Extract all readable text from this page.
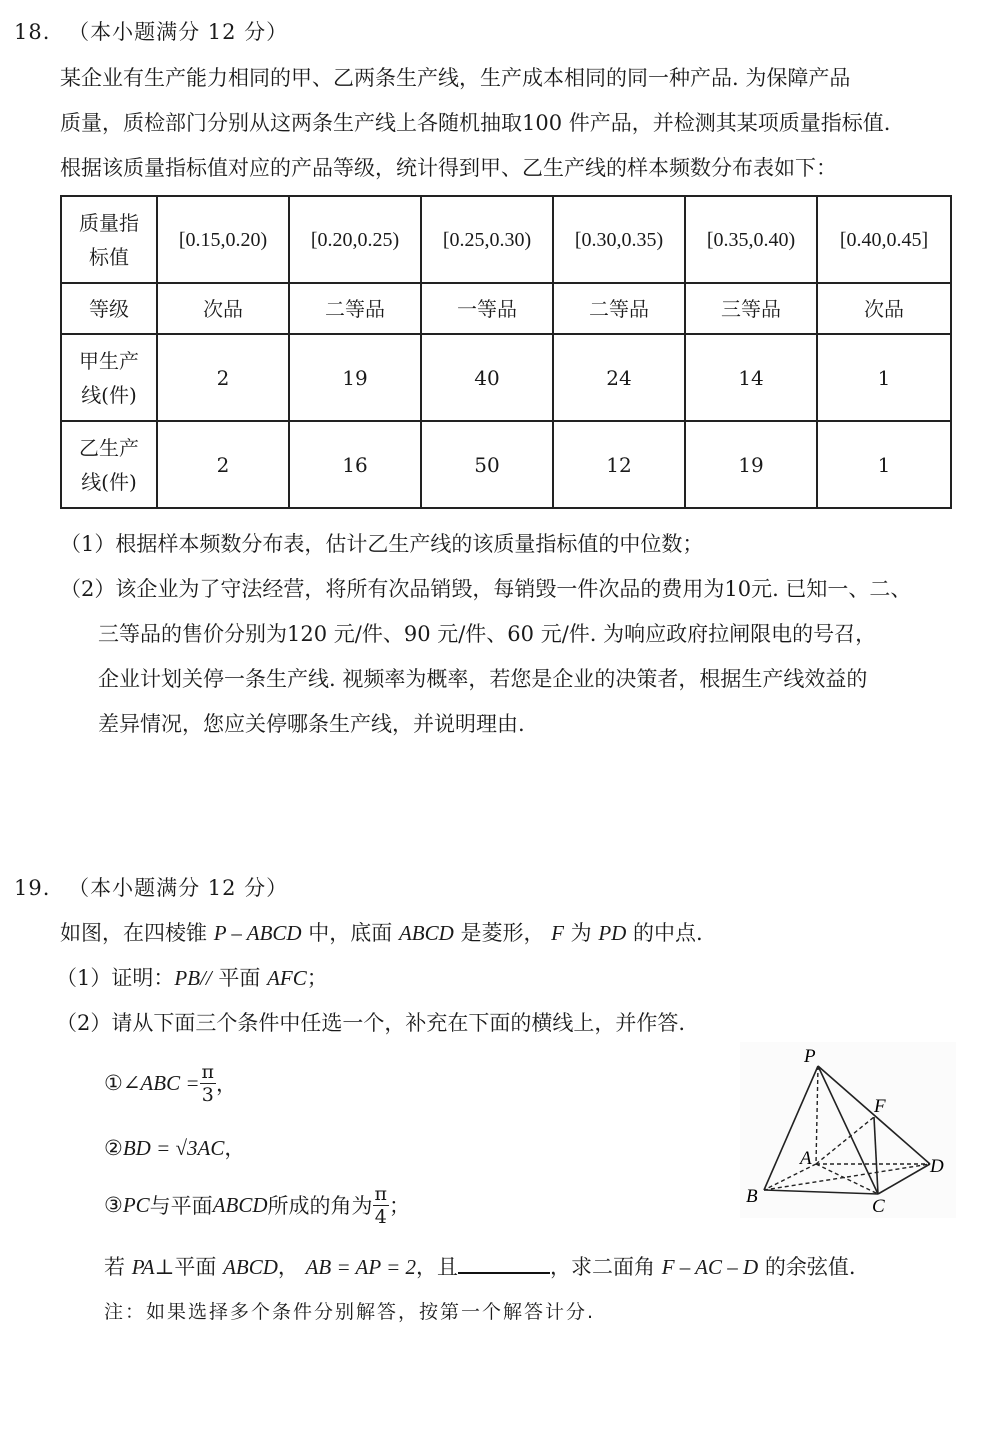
18. （本小题满分 12 分）
某企业有生产能力相同的甲、乙两条生产线，生产成本相同的同一种产品. 为保障产品
质量，质检部门分别从这两条生产线上各随机抽取100 件产品，并检测其某项质量指标值.
根据该质量指标值对应的产品等级，统计得到甲、乙生产线的样本频数分布表如下：
质量指
标值	[0.15,0.20)	[0.20,0.25)	[0.25,0.30)	[0.30,0.35)	[0.35,0.40)	[0.40,0.45]
等级	次品	二等品	一等品	二等品	三等品	次品
甲生产
线(件)	2	19	40	24	14	1
乙生产
线(件)	2	16	50	12	19	1
（1）根据样本频数分布表，估计乙生产线的该质量指标值的中位数；
（2）该企业为了守法经营，将所有次品销毁，每销毁一件次品的费用为10元. 已知一、二、
三等品的售价分别为120 元/件、90 元/件、60 元/件. 为响应政府拉闸限电的号召，
企业计划关停一条生产线. 视频率为概率，若您是企业的决策者，根据生产线效益的
差异情况，您应关停哪条生产线，并说明理由.
19. （本小题满分 12 分）
如图，在四棱锥 P – ABCD 中，底面 ABCD 是菱形， F 为 PD 的中点.
（1）证明：PB// 平面 AFC；
（2）请从下面三个条件中任选一个，补充在下面的横线上，并作答.
① ∠ABC = $\frac{\pi}{3}$ ，
②BD = √3AC，
③ PC 与平面 ABCD 所成的角为 $\frac{\pi}{4}$ ；
若 PA⊥平面 ABCD， AB = AP = 2，且	，求二面角 F – AC – D 的余弦值.
注：如果选择多个条件分别解答，按第一个解答计分.
P
F
A	D
B	C
